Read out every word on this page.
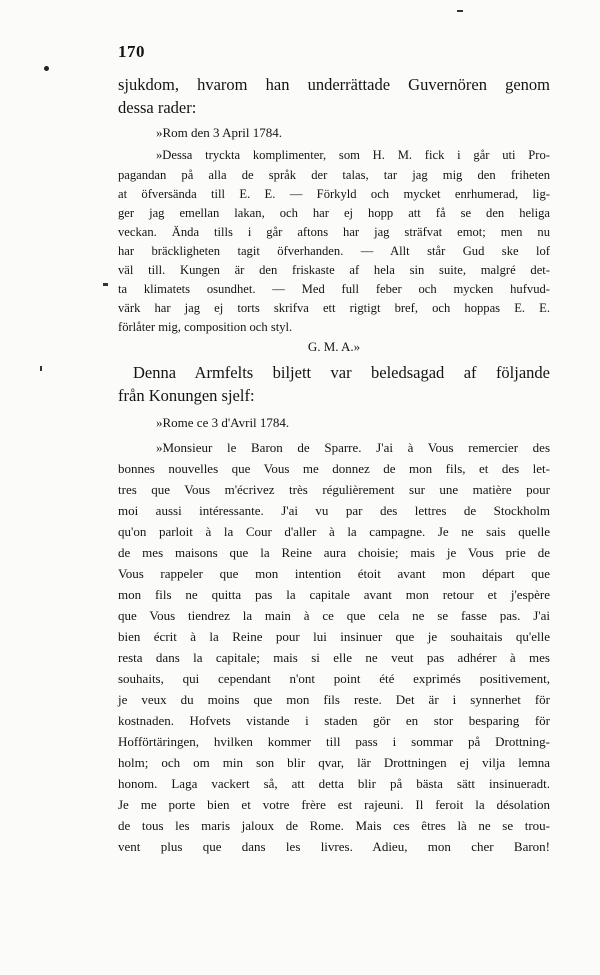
170
sjukdom, hvarom han underrättade Guvernören genom
dessa rader:
»Rom den 3 April 1784.
»Dessa tryckta komplimenter, som H. M. fick i går uti Pro-
pagandan på alla de språk der talas, tar jag mig den friheten
at öfversända till E. E. — Förkyld och mycket enrhumerad, lig-
ger jag emellan lakan, och har ej hopp att få se den heliga
veckan. Ända tills i går aftons har jag sträfvat emot; men nu
har bräckligheten tagit öfverhanden. — Allt står Gud ske lof
väl till. Kungen är den friskaste af hela sin suite, malgré det-
ta klimatets osundhet. — Med full feber och mycken hufvud-
värk har jag ej torts skrifva ett rigtigt bref, och hoppas E. E.
förlåter mig, composition och styl.
G. M. A.»
Denna Armfelts biljett var beledsagad af följande
från Konungen sjelf:
»Rome ce 3 d'Avril 1784.
»Monsieur le Baron de Sparre. J'ai à Vous remercier des
bonnes nouvelles que Vous me donnez de mon fils, et des let-
tres que Vous m'écrivez très régulièrement sur une matière pour
moi aussi intéressante. J'ai vu par des lettres de Stockholm
qu'on parloit à la Cour d'aller à la campagne. Je ne sais quelle
de mes maisons que la Reine aura choisie; mais je Vous prie de
Vous rappeler que mon intention étoit avant mon départ que
mon fils ne quitta pas la capitale avant mon retour et j'espère
que Vous tiendrez la main à ce que cela ne se fasse pas. J'ai
bien écrit à la Reine pour lui insinuer que je souhaitais qu'elle
resta dans la capitale; mais si elle ne veut pas adhérer à mes
souhaits, qui cependant n'ont point été exprimés positivement,
je veux du moins que mon fils reste. Det är i synnerhet för
kostnaden. Hofvets vistande i staden gör en stor besparing för
Hofförtäringen, hvilken kommer till pass i sommar på Drottning-
holm; och om min son blir qvar, lär Drottningen ej vilja lemna
honom. Laga vackert så, att detta blir på bästa sätt insinueradt.
Je me porte bien et votre frère est rajeuni. Il feroit la désolation
de tous les maris jaloux de Rome. Mais ces êtres là ne se trou-
vent plus que dans les livres. Adieu, mon cher Baron!
